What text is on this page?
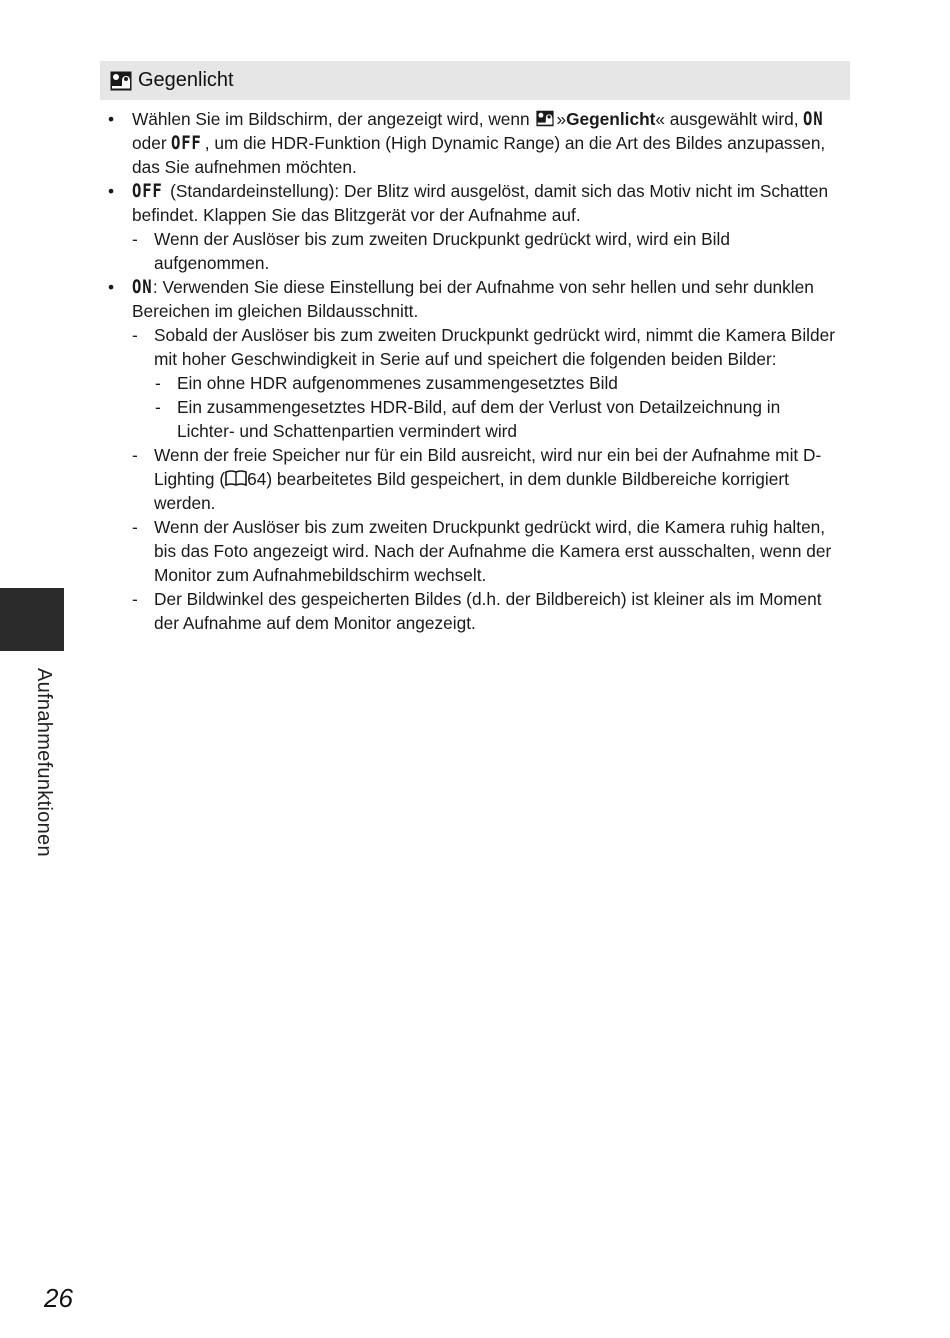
Gegenlicht
• Wählen Sie im Bildschirm, der angezeigt wird, wenn »Gegenlicht« ausgewählt wird, ON oder OFF , um die HDR-Funktion (High Dynamic Range) an die Art des Bildes anzupassen, das Sie aufnehmen möchten.
• OFF (Standardeinstellung): Der Blitz wird ausgelöst, damit sich das Motiv nicht im Schatten befindet. Klappen Sie das Blitzgerät vor der Aufnahme auf.
- Wenn der Auslöser bis zum zweiten Druckpunkt gedrückt wird, wird ein Bild aufgenommen.
• ON: Verwenden Sie diese Einstellung bei der Aufnahme von sehr hellen und sehr dunklen Bereichen im gleichen Bildausschnitt.
- Sobald der Auslöser bis zum zweiten Druckpunkt gedrückt wird, nimmt die Kamera Bilder mit hoher Geschwindigkeit in Serie auf und speichert die folgenden beiden Bilder:
- Ein ohne HDR aufgenommenes zusammengesetztes Bild
- Ein zusammengesetztes HDR-Bild, auf dem der Verlust von Detailzeichnung in Lichter- und Schattenpartien vermindert wird
- Wenn der freie Speicher nur für ein Bild ausreicht, wird nur ein bei der Aufnahme mit D-Lighting ( 64) bearbeitetes Bild gespeichert, in dem dunkle Bildbereiche korrigiert werden.
- Wenn der Auslöser bis zum zweiten Druckpunkt gedrückt wird, die Kamera ruhig halten, bis das Foto angezeigt wird. Nach der Aufnahme die Kamera erst ausschalten, wenn der Monitor zum Aufnahmebildschirm wechselt.
- Der Bildwinkel des gespeicherten Bildes (d.h. der Bildbereich) ist kleiner als im Moment der Aufnahme auf dem Monitor angezeigt.
Aufnahmefunktionen
26
